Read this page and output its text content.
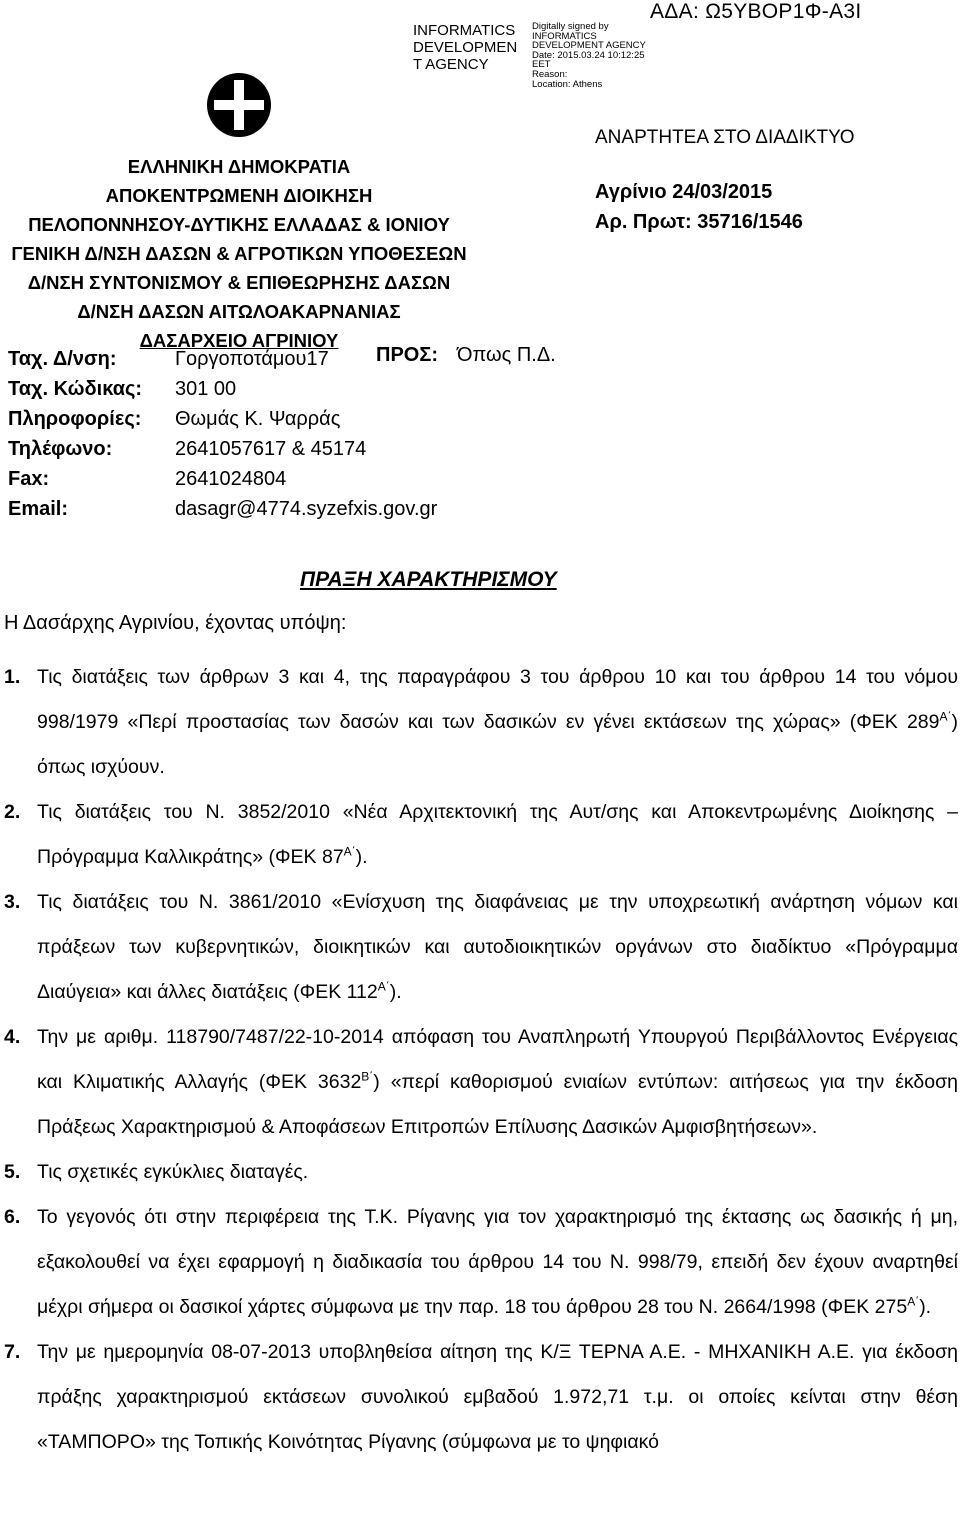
INFORMATICS DEVELOPMEN T AGENCY
Digitally signed by
INFORMATICS
DEVELOPMENT AGENCY
Date: 2015.03.24 10:12:25
EET
Reason:
Location: Athens
ΑΔΑ: Ω5ΥΒΟΡ1Φ-Α3Ι
ΑΝΑΡΤΗΤΕΑ ΣΤΟ ΔΙΑΔΙΚΤΥΟ
Αγρίνιο 24/03/2015
Αρ. Πρωτ: 35716/1546
ΕΛΛΗΝΙΚΗ ΔΗΜΟΚΡΑΤΙΑ
ΑΠΟΚΕΝΤΡΩΜΕΝΗ ΔΙΟΙΚΗΣΗ
ΠΕΛΟΠΟΝΝΗΣΟΥ-ΔΥΤΙΚΗΣ ΕΛΛΑΔΑΣ & ΙΟΝΙΟΥ
ΓΕΝΙΚΗ Δ/ΝΣΗ ΔΑΣΩΝ & ΑΓΡΟΤΙΚΩΝ ΥΠΟΘΕΣΕΩΝ
Δ/ΝΣΗ ΣΥΝΤΟΝΙΣΜΟΥ & ΕΠΙΘΕΩΡΗΣΗΣ ΔΑΣΩΝ
Δ/ΝΣΗ ΔΑΣΩΝ ΑΙΤΩΛΟΑΚΑΡΝΑΝΙΑΣ
ΔΑΣΑΡΧΕΙΟ ΑΓΡΙΝΙΟΥ
Ταχ. Δ/νση:	Γοργοποτάμου17
Ταχ. Κώδικας:	301 00
Πληροφορίες:	Θωμάς Κ. Ψαρράς
Τηλέφωνο:	2641057617 & 45174
Fax:	2641024804
Email:	dasagr@4774.syzefxis.gov.gr
ΠΡΟΣ: Όπως Π.Δ.
ΠΡΑΞΗ ΧΑΡΑΚΤΗΡΙΣΜΟΥ
Η Δασάρχης Αγρινίου, έχοντας υπόψη:
1. Τις διατάξεις των άρθρων 3 και 4, της παραγράφου 3 του άρθρου 10 και του άρθρου 14 του νόμου 998/1979 «Περί προστασίας των δασών και των δασικών εν γένει εκτάσεων της χώρας» (ΦΕΚ $289^{A΄}$) όπως ισχύουν.
2. Τις διατάξεις του Ν. 3852/2010 «Νέα Αρχιτεκτονική της Αυτ/σης και Αποκεντρωμένης Διοίκησης – Πρόγραμμα Καλλικράτης» (ΦΕΚ $87^{A΄}$).
3. Τις διατάξεις του Ν. 3861/2010 «Ενίσχυση της διαφάνειας με την υποχρεωτική ανάρτηση νόμων και πράξεων των κυβερνητικών, διοικητικών και αυτοδιοικητικών οργάνων στο διαδίκτυο «Πρόγραμμα Διαύγεια» και άλλες διατάξεις (ΦΕΚ $112^{A΄}$).
4. Την με αριθμ. 118790/7487/22-10-2014 απόφαση του Αναπληρωτή Υπουργού Περιβάλλοντος Ενέργειας και Κλιματικής Αλλαγής (ΦΕΚ $3632^{B΄}$) «περί καθορισμού ενιαίων εντύπων: αιτήσεως για την έκδοση Πράξεως Χαρακτηρισμού & Αποφάσεων Επιτροπών Επίλυσης Δασικών Αμφισβητήσεων».
5. Τις σχετικές εγκύκλιες διαταγές.
6. Το γεγονός ότι στην περιφέρεια της Τ.Κ. Ρίγανης για τον χαρακτηρισμό της έκτασης ως δασικής ή μη, εξακολουθεί να έχει εφαρμογή η διαδικασία του άρθρου 14 του Ν. 998/79, επειδή δεν έχουν αναρτηθεί μέχρι σήμερα οι δασικοί χάρτες σύμφωνα με την παρ. 18 του άρθρου 28 του Ν. 2664/1998 (ΦΕΚ $275^{A΄}$).
7. Την με ημερομηνία 08-07-2013 υποβληθείσα αίτηση της Κ/Ξ ΤΕΡΝΑ Α.Ε. - ΜΗΧΑΝΙΚΗ Α.Ε. για έκδοση πράξης χαρακτηρισμού εκτάσεων συνολικού εμβαδού 1.972,71 τ.μ. οι οποίες κείνται στην θέση «ΤΑΜΠΟΡΟ» της Τοπικής Κοινότητας Ρίγανης (σύμφωνα με το ψηφιακό
